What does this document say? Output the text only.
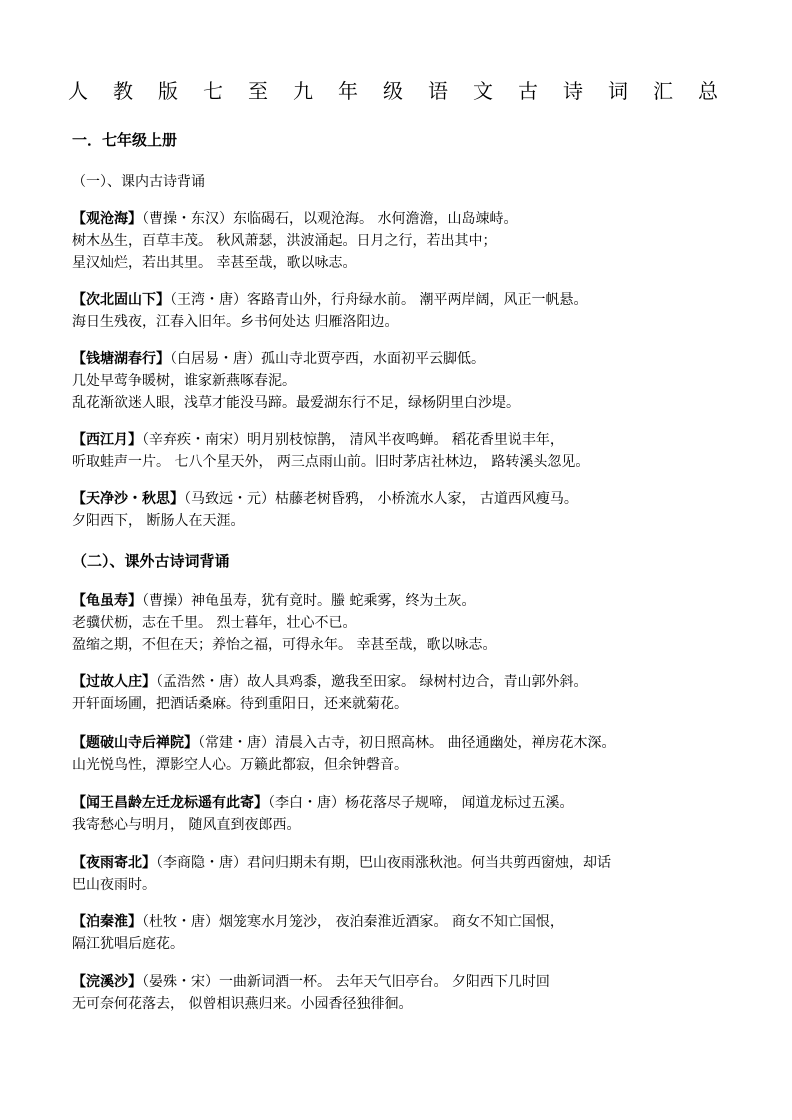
人 教 版 七 至 九 年 级 语 文 古 诗 词 汇 总
一．七年级上册
（一）、课内古诗背诵
【观沧海】（曹操・东汉）东临碣石，以观沧海。 水何澹澹，山岛竦峙。
树木丛生，百草丰茂。 秋风萧瑟，洪波涌起。日月之行，若出其中；
星汉灿烂，若出其里。 幸甚至哉，歌以咏志。
【次北固山下】（王湾・唐）客路青山外，行舟绿水前。 潮平两岸阔，风正一帆悬。
海日生残夜，江春入旧年。乡书何处达 归雁洛阳边。
【钱塘湖春行】（白居易・唐）孤山寺北贾亭西，水面初平云脚低。
几处早莺争暖树，谁家新燕啄春泥。
乱花渐欲迷人眼，浅草才能没马蹄。最爱湖东行不足，绿杨阴里白沙堤。
【西江月】（辛弃疾・南宋）明月别枝惊鹊， 清风半夜鸣蝉。 稻花香里说丰年，
听取蛙声一片。 七八个星天外， 两三点雨山前。旧时茅店社林边， 路转溪头忽见。
【天净沙・秋思】（马致远・元）枯藤老树昏鸦， 小桥流水人家， 古道西风瘦马。
夕阳西下， 断肠人在天涯。
（二）、课外古诗词背诵
【龟虽寿】（曹操）神龟虽寿，犹有竟时。螣 蛇乘雾，终为土灰。
老骥伏枥，志在千里。 烈士暮年，壮心不已。
盈缩之期，不但在天；养怡之福，可得永年。 幸甚至哉，歌以咏志。
【过故人庄】（孟浩然・唐）故人具鸡黍，邀我至田家。 绿树村边合，青山郭外斜。
开轩面场圃，把酒话桑麻。待到重阳日，还来就菊花。
【题破山寺后禅院】（常建・唐）清晨入古寺，初日照高林。 曲径通幽处，禅房花木深。
山光悦鸟性，潭影空人心。万籁此都寂，但余钟磬音。
【闻王昌龄左迁龙标遥有此寄】（李白・唐）杨花落尽子规啼， 闻道龙标过五溪。
我寄愁心与明月， 随风直到夜郎西。
【夜雨寄北】（李商隐・唐）君问归期未有期，巴山夜雨涨秋池。何当共剪西窗烛，却话
巴山夜雨时。
【泊秦淮】（杜牧・唐）烟笼寒水月笼沙， 夜泊秦淮近酒家。 商女不知亡国恨，
隔江犹唱后庭花。
【浣溪沙】（晏殊・宋）一曲新词酒一杯。 去年天气旧亭台。 夕阳西下几时回
无可奈何花落去， 似曾相识燕归来。小园香径独徘徊。
